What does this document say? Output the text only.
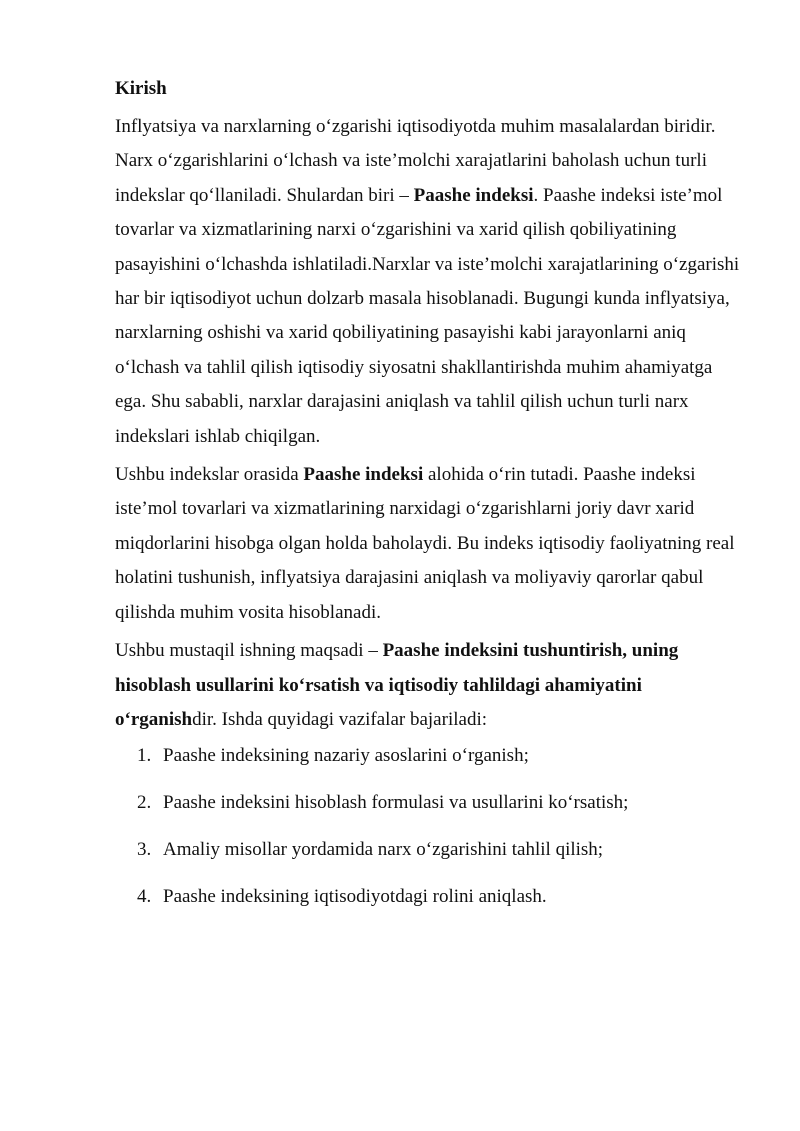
Kirish

Inflyatsiya va narxlarning o‘zgarishi iqtisodiyotda muhim masalalardan biridir. Narx o‘zgarishlarini o‘lchash va iste’molchi xarajatlarini baholash uchun turli indekslar qo‘llaniladi. Shulardan biri – Paashe indeksi. Paashe indeksi iste’mol tovarlar va xizmatlarining narxi o‘zgarishini va xarid qilish qobiliyatining pasayishini o‘lchashda ishlatiladi.Narxlar va iste’molchi xarajatlarining o‘zgarishi har bir iqtisodiyot uchun dolzarb masala hisoblanadi. Bugungi kunda inflyatsiya, narxlarning oshishi va xarid qobiliyatining pasayishi kabi jarayonlarni aniq o‘lchash va tahlil qilish iqtisodiy siyosatni shakllantirishda muhim ahamiyatga ega. Shu sababli, narxlar darajasini aniqlash va tahlil qilish uchun turli narx indekslari ishlab chiqilgan.

Ushbu indekslar orasida Paashe indeksi alohida o‘rin tutadi. Paashe indeksi iste’mol tovarlari va xizmatlarining narxidagi o‘zgarishlarni joriy davr xarid miqdorlarini hisobga olgan holda baholaydi. Bu indeks iqtisodiy faoliyatning real holatini tushunish, inflyatsiya darajasini aniqlash va moliyaviy qarorlar qabul qilishda muhim vosita hisoblanadi.

Ushbu mustaqil ishning maqsadi – Paashe indeksini tushuntirish, uning hisoblash usullarini ko‘rsatish va iqtisodiy tahlildagi ahamiyatini o‘rganishdir. Ishda quyidagi vazifalar bajariladi:

1. Paashe indeksining nazariy asoslarini o‘rganish;
2. Paashe indeksini hisoblash formulasi va usullarini ko‘rsatish;
3. Amaliy misollar yordamida narx o‘zgarishini tahlil qilish;
4. Paashe indeksining iqtisodiyotdagi rolini aniqlash.
